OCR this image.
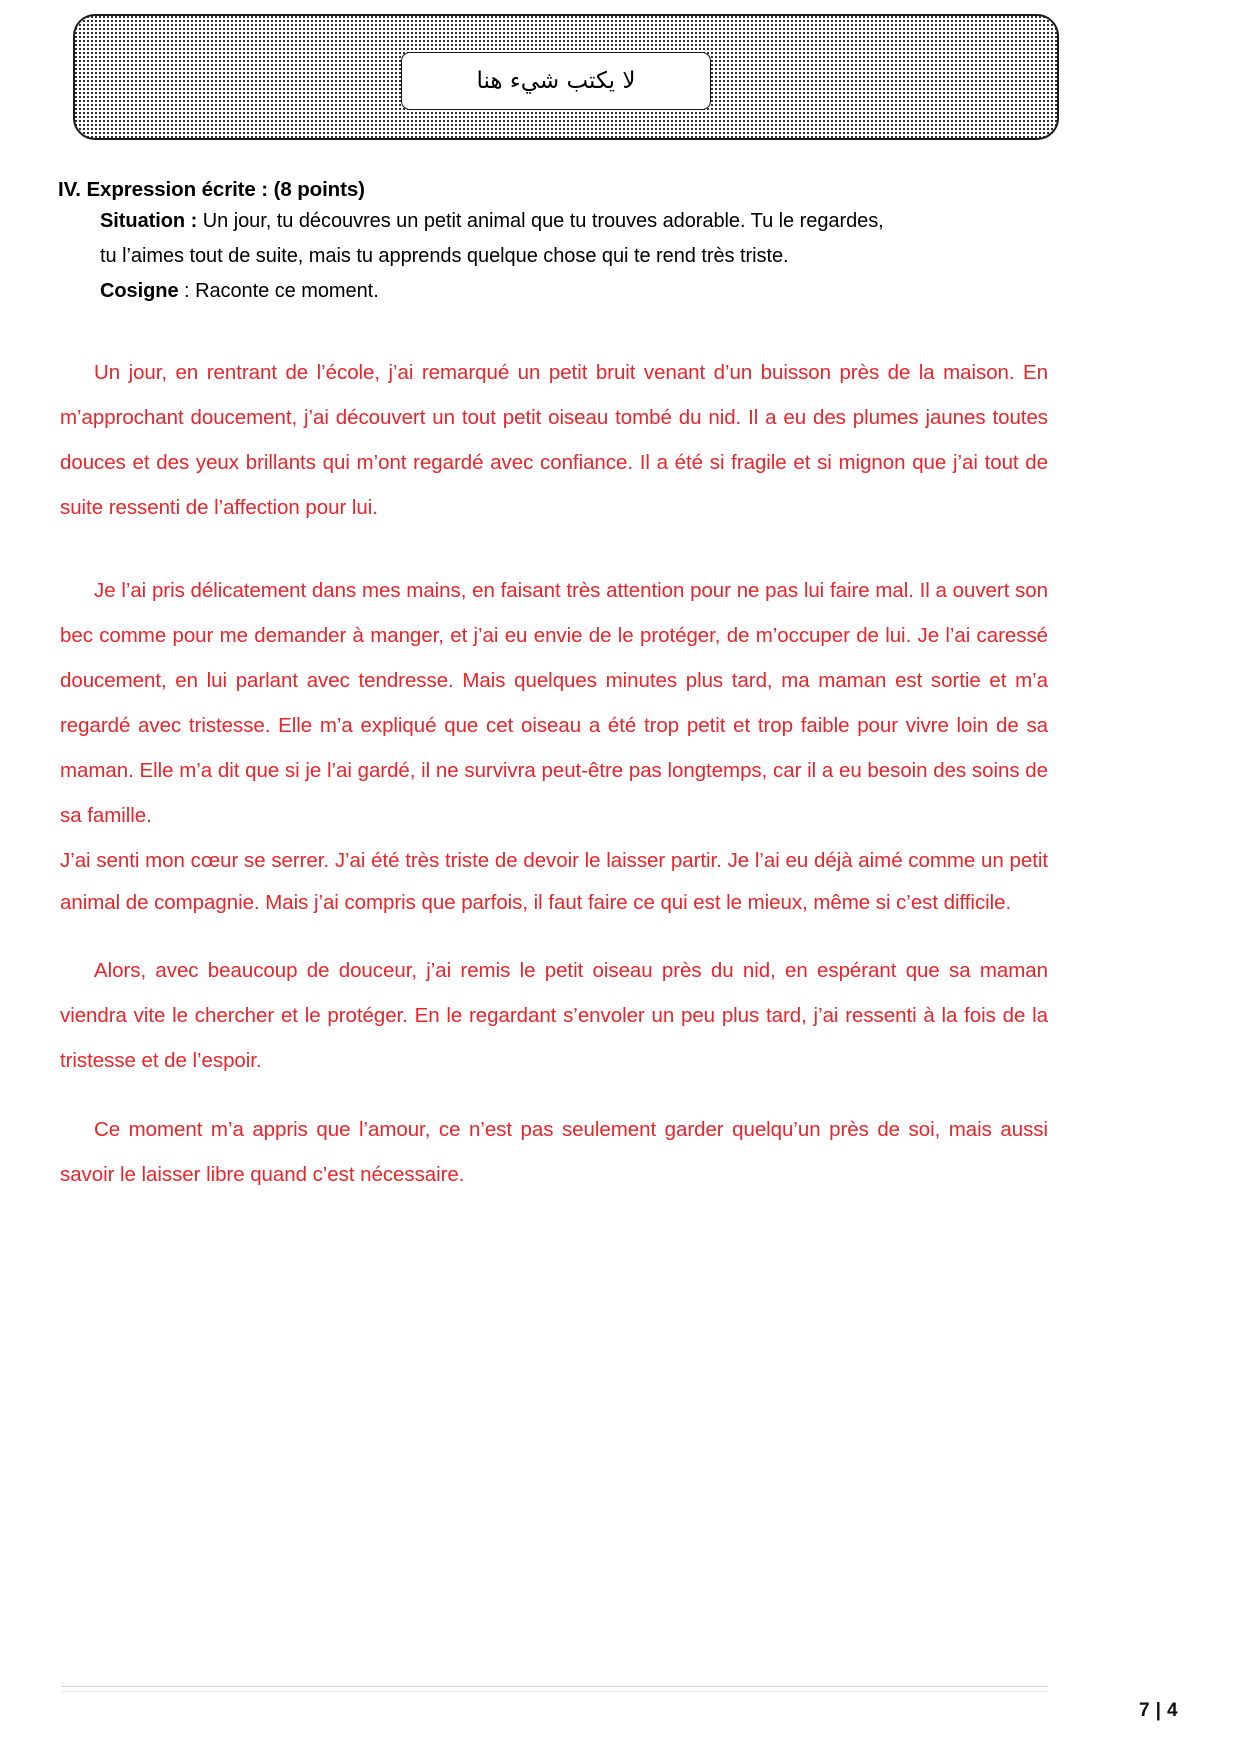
لا يكتب شيء هنا
IV. Expression écrite : (8 points)
Situation : Un jour, tu découvres un petit animal que tu trouves adorable. Tu le regardes,
tu l’aimes tout de suite, mais tu apprends quelque chose qui te rend très triste.
Cosigne : Raconte ce moment.

Un jour, en rentrant de l’école, j’ai remarqué un petit bruit venant d’un buisson près de la maison. En m’approchant doucement, j’ai découvert un tout petit oiseau tombé du nid. Il a eu des plumes jaunes toutes douces et des yeux brillants qui m’ont regardé avec confiance. Il a été si fragile et si mignon que j’ai tout de suite ressenti de l’affection pour lui.

Je l’ai pris délicatement dans mes mains, en faisant très attention pour ne pas lui faire mal. Il a ouvert son bec comme pour me demander à manger, et j’ai eu envie de le protéger, de m’occuper de lui. Je l’ai caressé doucement, en lui parlant avec tendresse. Mais quelques minutes plus tard, ma maman est sortie et m’a regardé avec tristesse. Elle m’a expliqué que cet oiseau a été trop petit et trop faible pour vivre loin de sa maman. Elle m’a dit que si je l’ai gardé, il ne survivra peut-être pas longtemps, car il a eu besoin des soins de sa famille.

J’ai senti mon cœur se serrer. J’ai été très triste de devoir le laisser partir. Je l’ai eu déjà aimé comme un petit animal de compagnie. Mais j’ai compris que parfois, il faut faire ce qui est le mieux, même si c’est difficile.

Alors, avec beaucoup de douceur, j’ai remis le petit oiseau près du nid, en espérant que sa maman viendra vite le chercher et le protéger. En le regardant s’envoler un peu plus tard, j’ai ressenti à la fois de la tristesse et de l’espoir.

Ce moment m’a appris que l’amour, ce n’est pas seulement garder quelqu’un près de soi, mais aussi savoir le laisser libre quand c’est nécessaire.

7 | 4
